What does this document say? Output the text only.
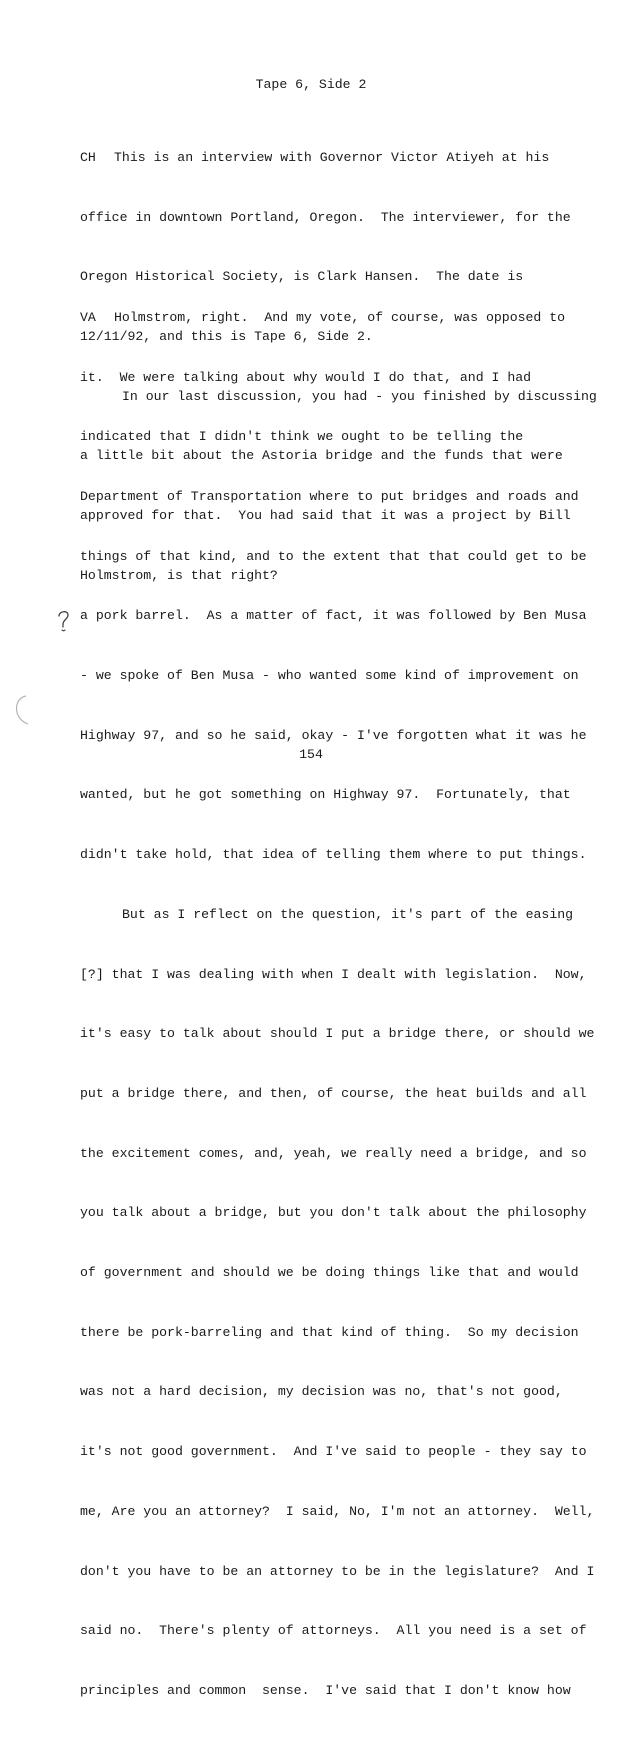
Tape 6, Side 2

CH This is an interview with Governor Victor Atiyeh at his

office in downtown Portland, Oregon.  The interviewer, for the

Oregon Historical Society, is Clark Hansen.  The date is

12/11/92, and this is Tape 6, Side 2.

In our last discussion, you had - you finished by discussing

a little bit about the Astoria bridge and the funds that were

approved for that.  You had said that it was a project by Bill

Holmstrom, is that right?

VA Holmstrom, right.  And my vote, of course, was opposed to

it.  We were talking about why would I do that, and I had

indicated that I didn't think we ought to be telling the

Department of Transportation where to put bridges and roads and

things of that kind, and to the extent that that could get to be

a pork barrel.  As a matter of fact, it was followed by Ben Musa

- we spoke of Ben Musa - who wanted some kind of improvement on

Highway 97, and so he said, okay - I've forgotten what it was he

wanted, but he got something on Highway 97.  Fortunately, that

didn't take hold, that idea of telling them where to put things.

But as I reflect on the question, it's part of the easing

[?] that I was dealing with when I dealt with legislation.  Now,

it's easy to talk about should I put a bridge there, or should we

put a bridge there, and then, of course, the heat builds and all

the excitement comes, and, yeah, we really need a bridge, and so

you talk about a bridge, but you don't talk about the philosophy

of government and should we be doing things like that and would

there be pork-barreling and that kind of thing.  So my decision

was not a hard decision, my decision was no, that's not good,

it's not good government.  And I've said to people - they say to

me, Are you an attorney?  I said, No, I'm not an attorney.  Well,

don't you have to be an attorney to be in the legislature?  And I

said no.  There's plenty of attorneys.  All you need is a set of

principles and common  sense.  I've said that I don't know how

154
